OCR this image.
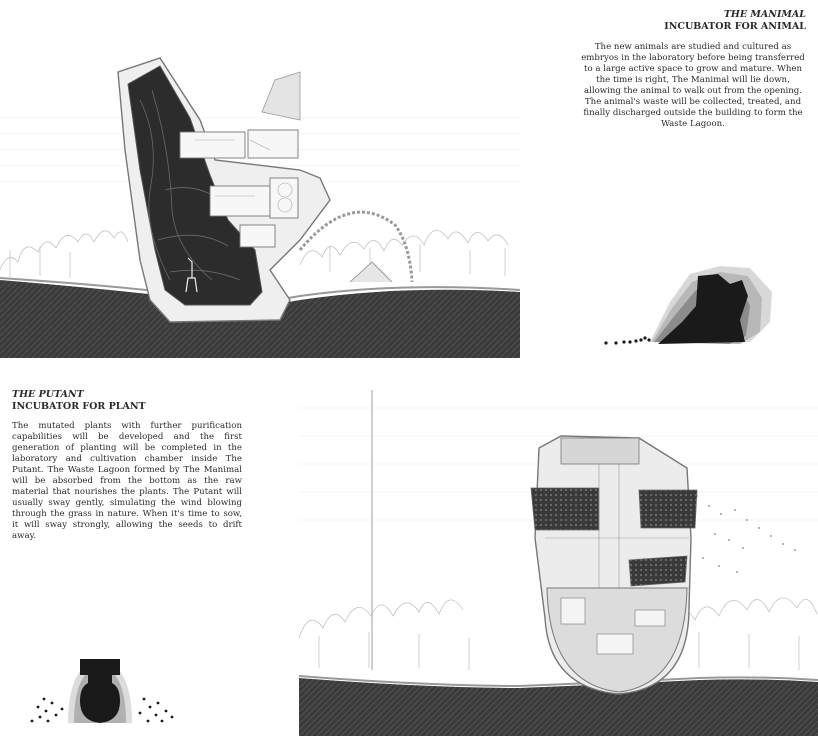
THE MANIMAL
INCUBATOR FOR ANIMAL
The new animals are studied and cultured as embryos in the laboratory before being transferred to a large active space to grow and mature. When the time is right, The Manimal will lie down, allowing the animal to walk out from the opening. The animal's waste will be collected, treated, and finally discharged outside the building to form the Waste Lagoon.
THE PUTANT
INCUBATOR FOR PLANT
The mutated plants with further purification capabilities will be developed and the first generation of planting will be completed in the laboratory and cultivation chamber inside The Putant. The Waste Lagoon formed by The Manimal will be absorbed from the bottom as the raw material that nourishes the plants. The Putant will usually sway gently, simulating the wind blowing through the grass in nature. When it's time to sow, it will sway strongly, allowing the seeds to drift away.
